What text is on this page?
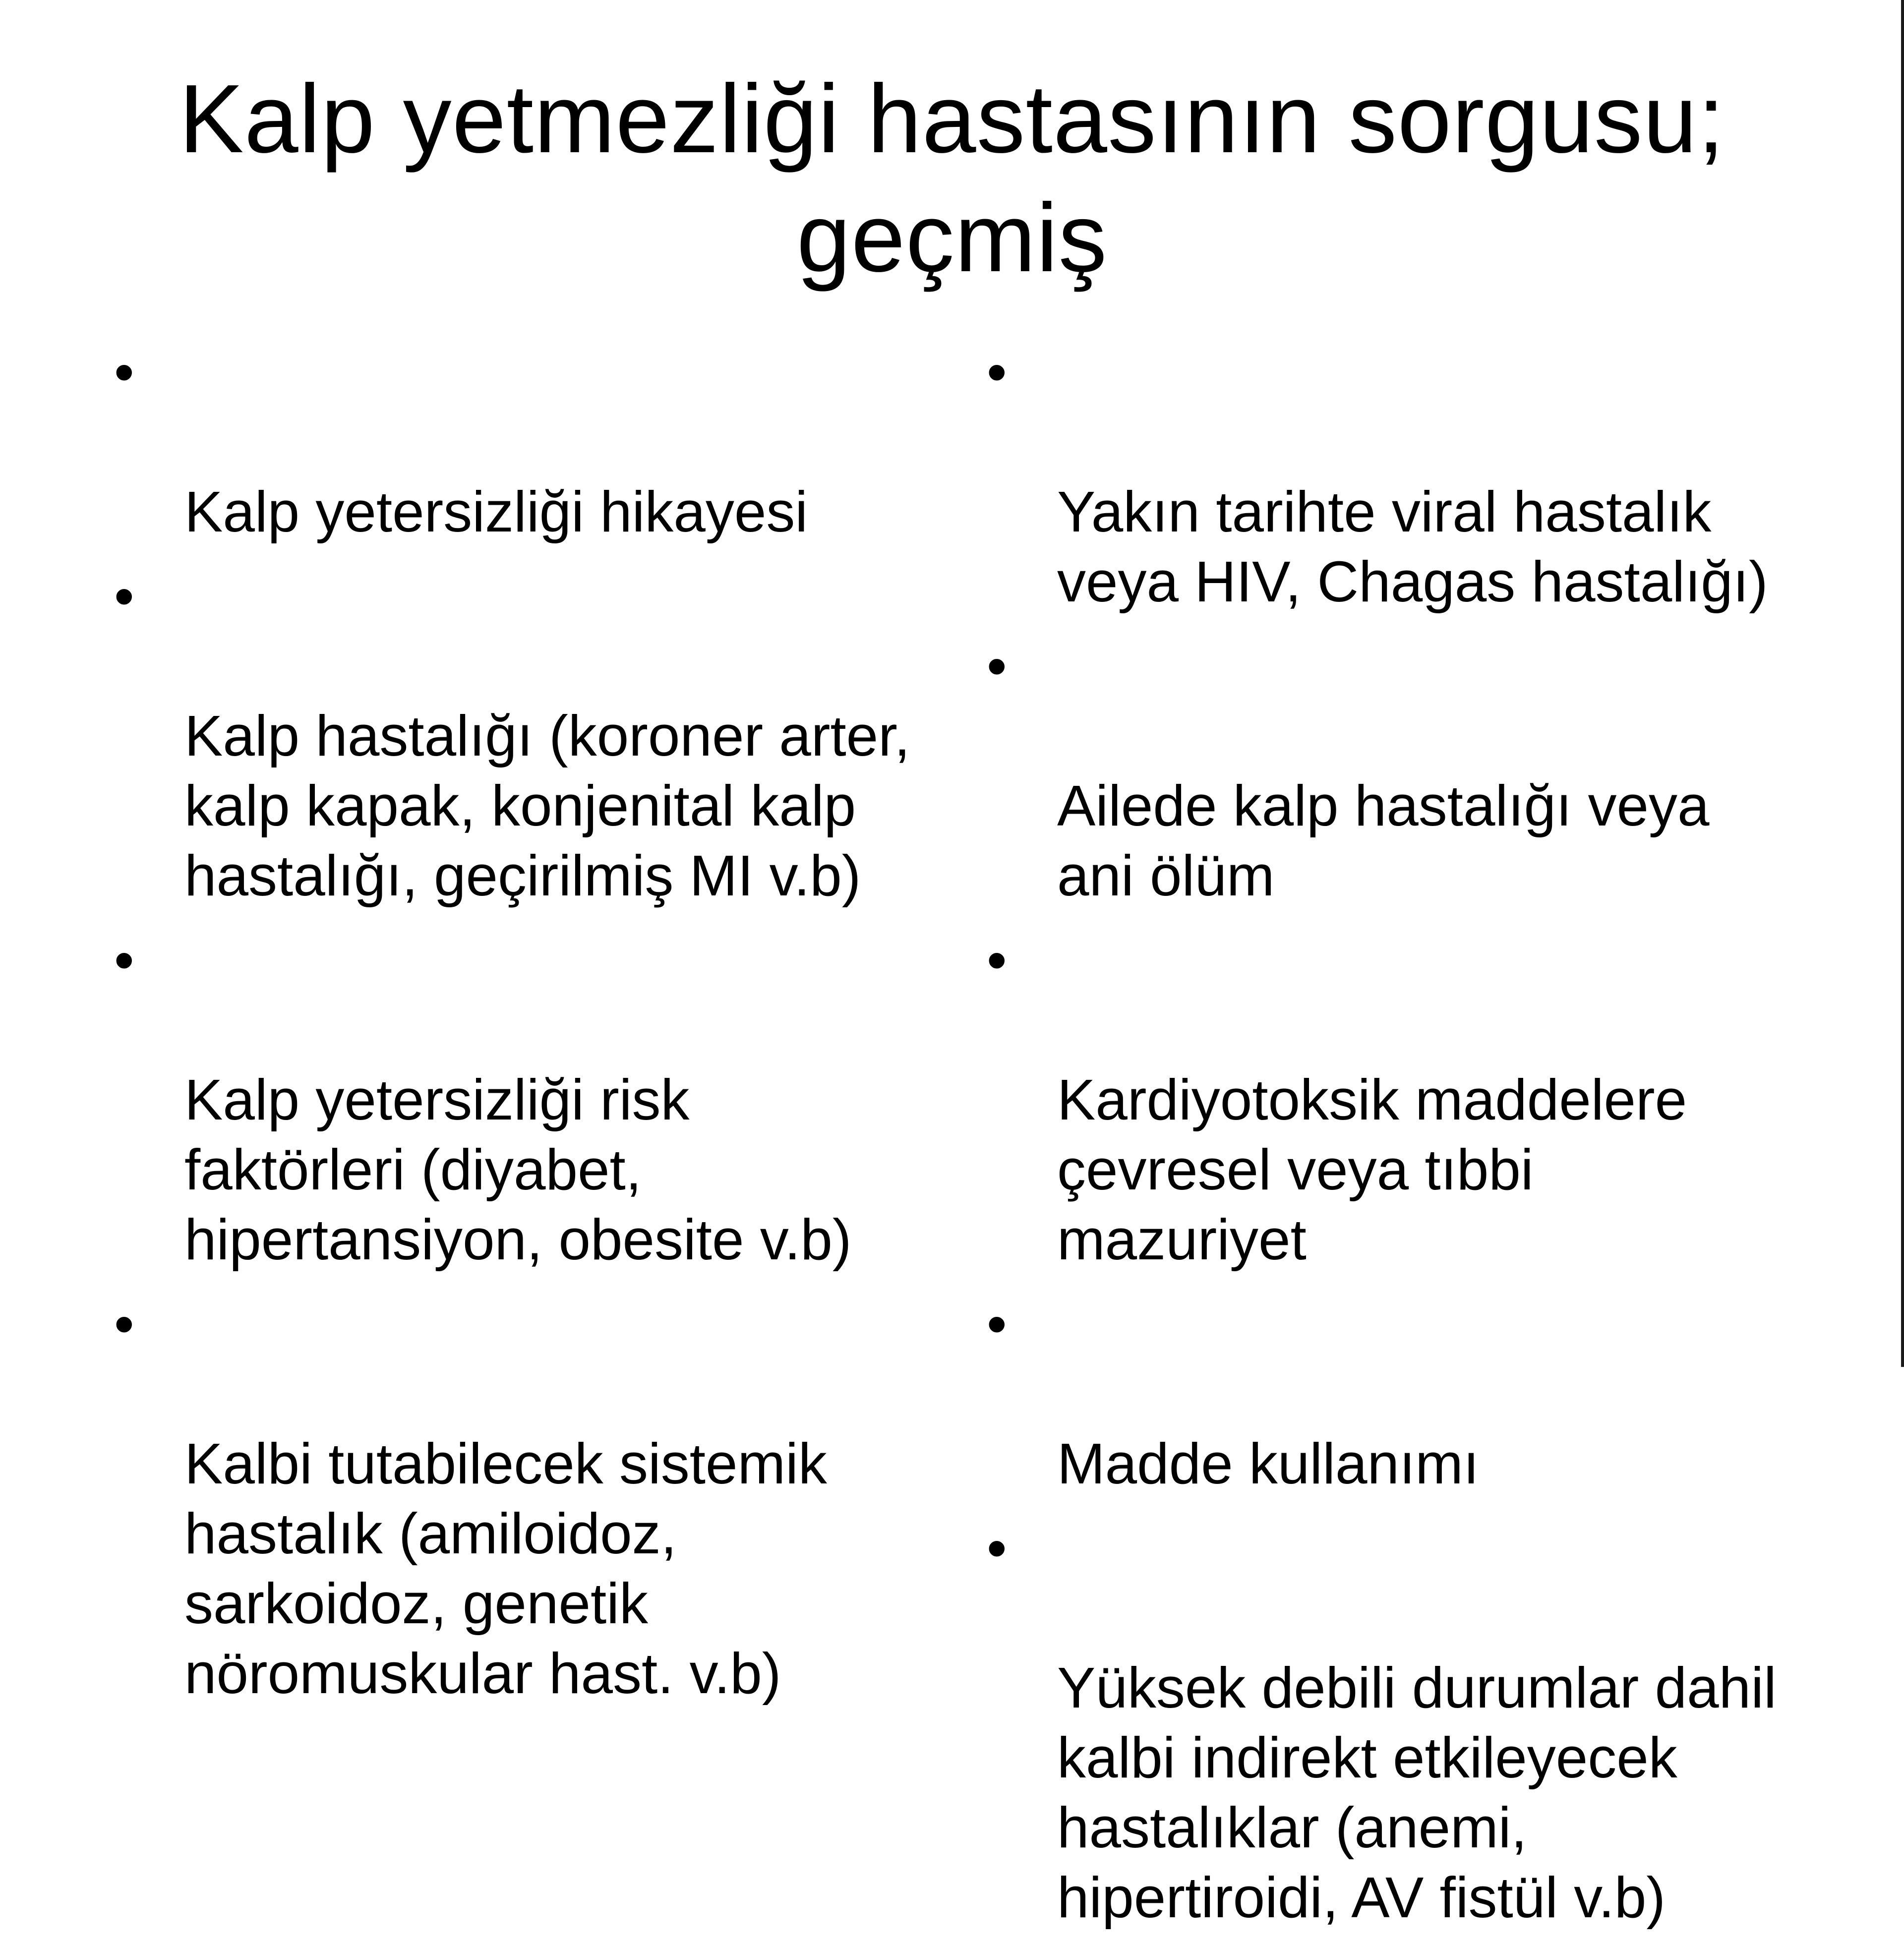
Kalp yetmezliği hastasının sorgusu;
geçmiş

•

Kalp yetersizliği hikayesi

•

Kalp hastalığı (koroner arter,
kalp kapak, konjenital kalp
hastalığı, geçirilmiş MI v.b)

•

Kalp yetersizliği risk
faktörleri (diyabet,
hipertansiyon, obesite v.b)

•

Kalbi tutabilecek sistemik
hastalık (amiloidoz,
sarkoidoz, genetik
nöromuskular hast. v.b)

•

Yakın tarihte viral hastalık
veya HIV, Chagas hastalığı)

•

Ailede kalp hastalığı veya
ani ölüm

•

Kardiyotoksik maddelere
çevresel veya tıbbi
mazuriyet

•

Madde kullanımı

•

Yüksek debili durumlar dahil
kalbi indirekt etkileyecek
hastalıklar (anemi,
hipertiroidi, AV fistül v.b)
